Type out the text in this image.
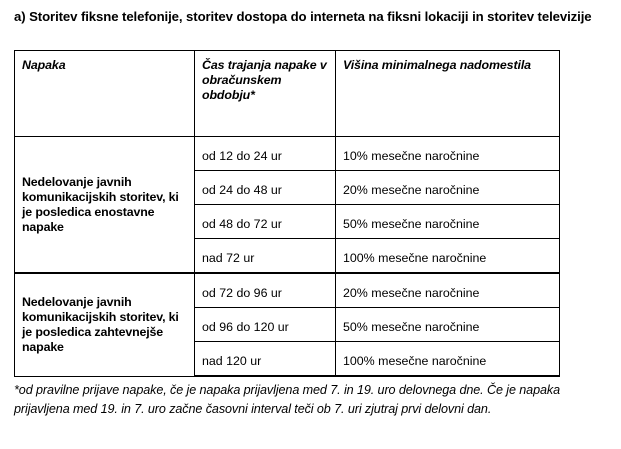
a) Storitev fiksne telefonije, storitev dostopa do interneta na fiksni lokaciji in storitev televizije
Napaka	Čas trajanja napake v obračunskem obdobju*	Višina minimalnega nadomestila
Nedelovanje javnih komunikacijskih storitev, ki je posledica enostavne napake	od 12 do 24 ur	10% mesečne naročnine
	od 24 do 48 ur	20% mesečne naročnine
	od 48 do 72 ur	50% mesečne naročnine
	nad 72 ur	100% mesečne naročnine
Nedelovanje javnih komunikacijskih storitev, ki je posledica zahtevnejše napake	od 72 do 96 ur	20% mesečne naročnine
	od 96 do 120 ur	50% mesečne naročnine
	nad 120 ur	100% mesečne naročnine
*od pravilne prijave napake, če je napaka prijavljena med 7. in 19. uro delovnega dne. Če je napaka prijavljena med 19. in 7. uro začne časovni interval teči ob 7. uri zjutraj prvi delovni dan.
